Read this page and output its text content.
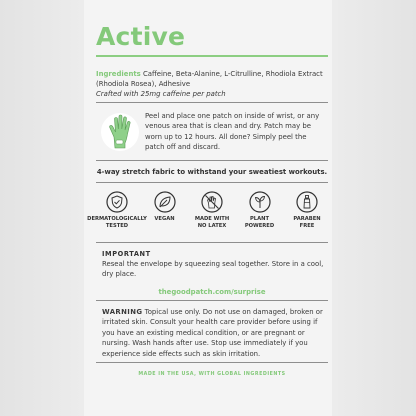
Active
Ingredients Caffeine, Beta-Alanine, L-Citrulline, Rhodiola Extract (Rhodiola Rosea), Adhesive
Crafted with 25mg caffeine per patch

Peel and place one patch on inside of wrist, or any venous area that is clean and dry. Patch may be worn up to 12 hours. All done? Simply peel the patch off and discard.

4-way stretch fabric to withstand your sweatiest workouts.

DERMATOLOGICALLY
TESTED
VEGAN	MADE WITH
NO LATEX
PLANT
POWERED
PARABEN
FREE
IMPORTANT

Reseal the envelope by squeezing seal together. Store in a cool, dry place.

thegoodpatch.com/surprise

WARNING Topical use only. Do not use on damaged, broken or irritated skin. Consult your health care provider before using if you have an existing medical condition, or are pregnant or nursing. Wash hands after use. Stop use immediately if you experience side effects such as skin irritation.

MADE IN THE USA, WITH GLOBAL INGREDIENTS
